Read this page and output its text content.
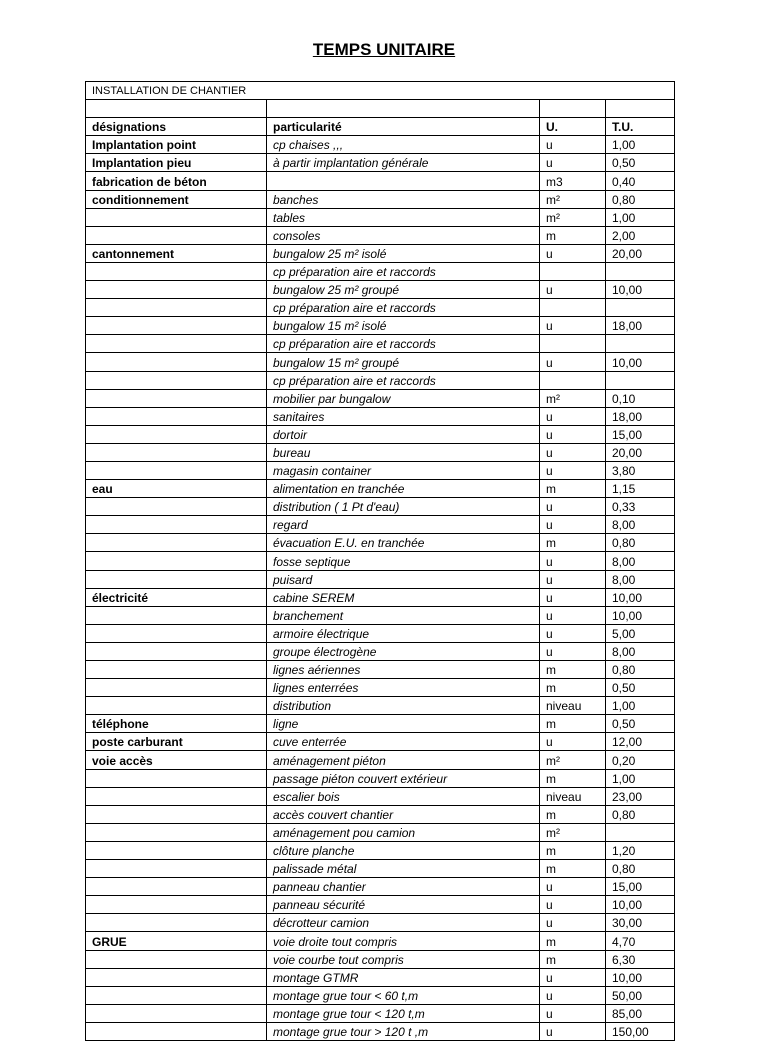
TEMPS UNITAIRE
INSTALLATION DE CHANTIER			

désignations	particularité	U.	T.U.
Implantation point	cp chaises ,,,	u	1,00
Implantation pieu	à partir implantation générale	u	0,50
fabrication de béton		m3	0,40
conditionnement	banches	m²	0,80
	tables	m²	1,00
	consoles	m	2,00
cantonnement	bungalow 25 m² isolé	u	20,00
	cp préparation aire et raccords		
	bungalow 25 m² groupé	u	10,00
	cp préparation aire et raccords		
	bungalow 15 m² isolé	u	18,00
	cp préparation aire et raccords		
	bungalow 15 m² groupé	u	10,00
	cp préparation aire et raccords		
	mobilier par bungalow	m²	0,10
	sanitaires	u	18,00
	dortoir	u	15,00
	bureau	u	20,00
	magasin container	u	3,80
eau	alimentation en tranchée	m	1,15
	distribution ( 1 Pt d'eau)	u	0,33
	regard	u	8,00
	évacuation E.U. en tranchée	m	0,80
	fosse septique	u	8,00
	puisard	u	8,00
électricité	cabine SEREM	u	10,00
	branchement	u	10,00
	armoire électrique	u	5,00
	groupe électrogène	u	8,00
	lignes aériennes	m	0,80
	lignes enterrées	m	0,50
	distribution	niveau	1,00
téléphone	ligne	m	0,50
poste carburant	cuve enterrée	u	12,00
voie accès	aménagement piéton	m²	0,20
	passage piéton couvert extérieur	m	1,00
	escalier bois	niveau	23,00
	accès couvert chantier	m	0,80
	aménagement pou camion	m²	
	clôture planche	m	1,20
	palissade métal	m	0,80
	panneau chantier	u	15,00
	panneau sécurité	u	10,00
	décrotteur camion	u	30,00
GRUE	voie droite tout compris	m	4,70
	voie courbe tout compris	m	6,30
	montage GTMR	u	10,00
	montage grue tour < 60 t,m	u	50,00
	montage grue tour < 120 t,m	u	85,00
	montage grue tour > 120 t ,m	u	150,00
